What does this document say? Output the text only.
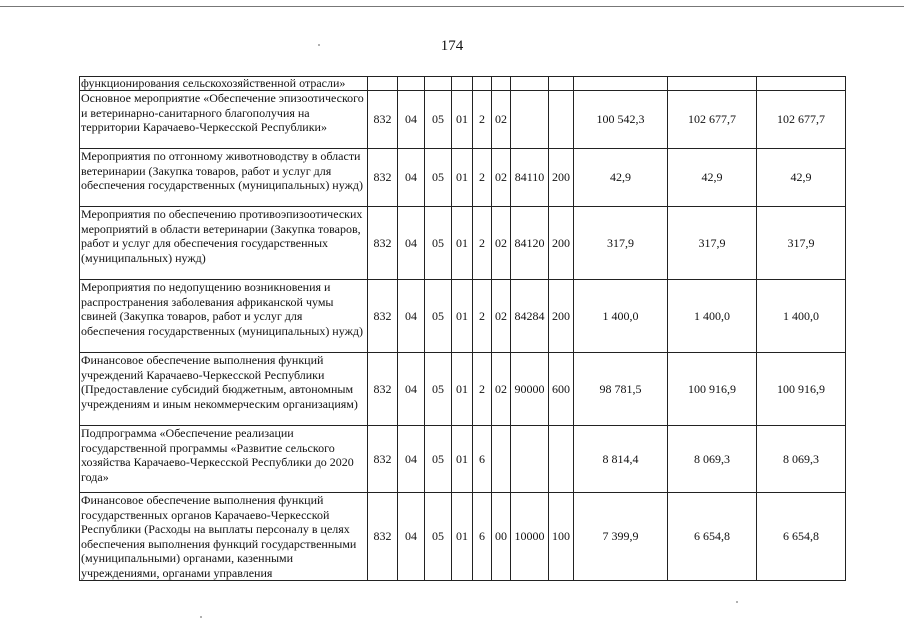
174
функционирования сельскохозяйственной отрасли»											
Основное мероприятие «Обеспечение эпизоотического и ветеринарно-санитарного благополучия на территории Карачаево-Черкесской Республики»	832	04	05	01	2	02			100 542,3	102 677,7	102 677,7
Мероприятия по отгонному животноводству в области ветеринарии (Закупка товаров, работ и услуг для обеспечения государственных (муниципальных) нужд)	832	04	05	01	2	02	84110	200	42,9	42,9	42,9
Мероприятия по обеспечению противоэпизоотических мероприятий в области ветеринарии (Закупка товаров, работ и услуг для обеспечения государственных (муниципальных) нужд)	832	04	05	01	2	02	84120	200	317,9	317,9	317,9
Мероприятия по недопущению возникновения и распространения заболевания африканской чумы свиней (Закупка товаров, работ и услуг для обеспечения государственных (муниципальных) нужд)	832	04	05	01	2	02	84284	200	1 400,0	1 400,0	1 400,0
Финансовое обеспечение выполнения функций учреждений Карачаево-Черкесской Республики (Предоставление субсидий бюджетным, автономным учреждениям и иным некоммерческим организациям)	832	04	05	01	2	02	90000	600	98 781,5	100 916,9	100 916,9
Подпрограмма «Обеспечение реализации государственной программы «Развитие сельского хозяйства Карачаево-Черкесской Республики до 2020 года»	832	04	05	01	6				8 814,4	8 069,3	8 069,3
Финансовое обеспечение выполнения функций государственных органов Карачаево-Черкесской Республики (Расходы на выплаты персоналу в целях обеспечения выполнения функций государственными (муниципальными) органами, казенными учреждениями, органами управления	832	04	05	01	6	00	10000	100	7 399,9	6 654,8	6 654,8
